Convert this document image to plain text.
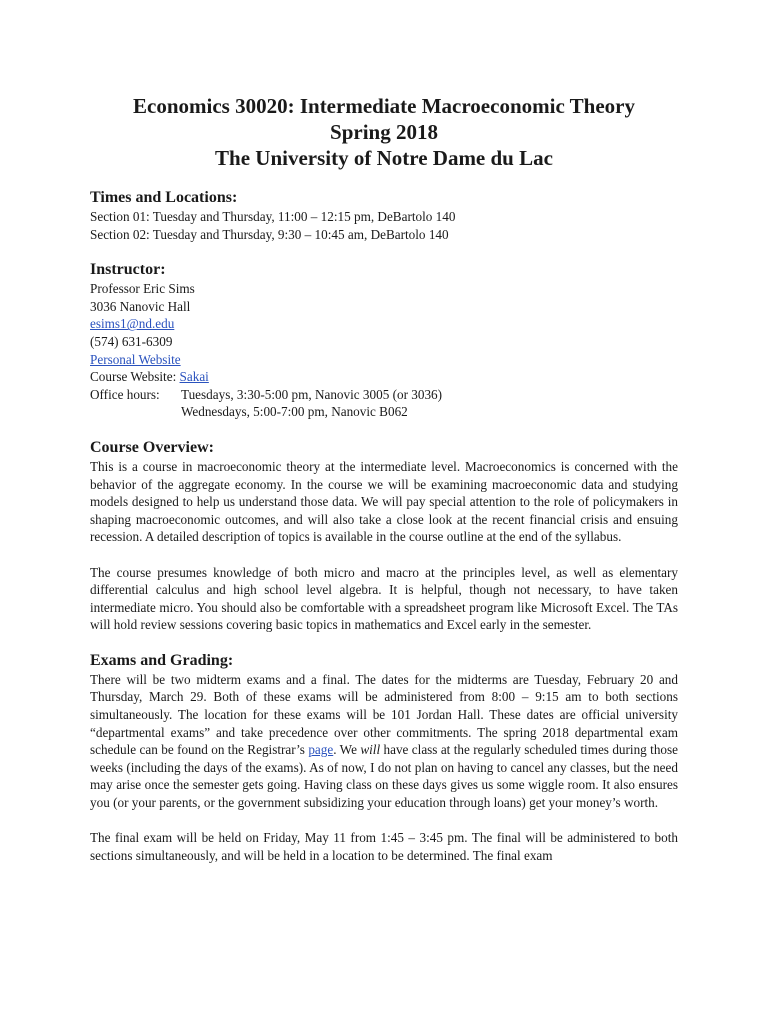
Economics 30020: Intermediate Macroeconomic Theory

Spring 2018

The University of Notre Dame du Lac

Times and Locations:
Section 01: Tuesday and Thursday, 11:00 – 12:15 pm, DeBartolo 140
Section 02: Tuesday and Thursday, 9:30 – 10:45 am, DeBartolo 140
Instructor:
Professor Eric Sims
3036 Nanovic Hall
esims1@nd.edu
(574) 631-6309
Personal Website
Course Website: Sakai
Office hours:	Tuesdays, 3:30-5:00 pm, Nanovic 3005 (or 3036)
Wednesdays, 5:00-7:00 pm, Nanovic B062
Course Overview:

This is a course in macroeconomic theory at the intermediate level. Macroeconomics is concerned with the behavior of the aggregate economy. In the course we will be examining macroeconomic data and studying models designed to help us understand those data. We will pay special attention to the role of policymakers in shaping macroeconomic outcomes, and will also take a close look at the recent financial crisis and ensuing recession. A detailed description of topics is available in the course outline at the end of the syllabus.

The course presumes knowledge of both micro and macro at the principles level, as well as elementary differential calculus and high school level algebra. It is helpful, though not necessary, to have taken intermediate micro. You should also be comfortable with a spreadsheet program like Microsoft Excel. The TAs will hold review sessions covering basic topics in mathematics and Excel early in the semester.

Exams and Grading:

There will be two midterm exams and a final. The dates for the midterms are Tuesday, February 20 and Thursday, March 29. Both of these exams will be administered from 8:00 – 9:15 am to both sections simultaneously. The location for these exams will be 101 Jordan Hall. These dates are official university “departmental exams” and take precedence over other commitments. The spring 2018 departmental exam schedule can be found on the Registrar’s page. We will have class at the regularly scheduled times during those weeks (including the days of the exams). As of now, I do not plan on having to cancel any classes, but the need may arise once the semester gets going. Having class on these days gives us some wiggle room. It also ensures you (or your parents, or the government subsidizing your education through loans) get your money’s worth.

The final exam will be held on Friday, May 11 from 1:45 – 3:45 pm. The final will be administered to both sections simultaneously, and will be held in a location to be determined. The final exam
